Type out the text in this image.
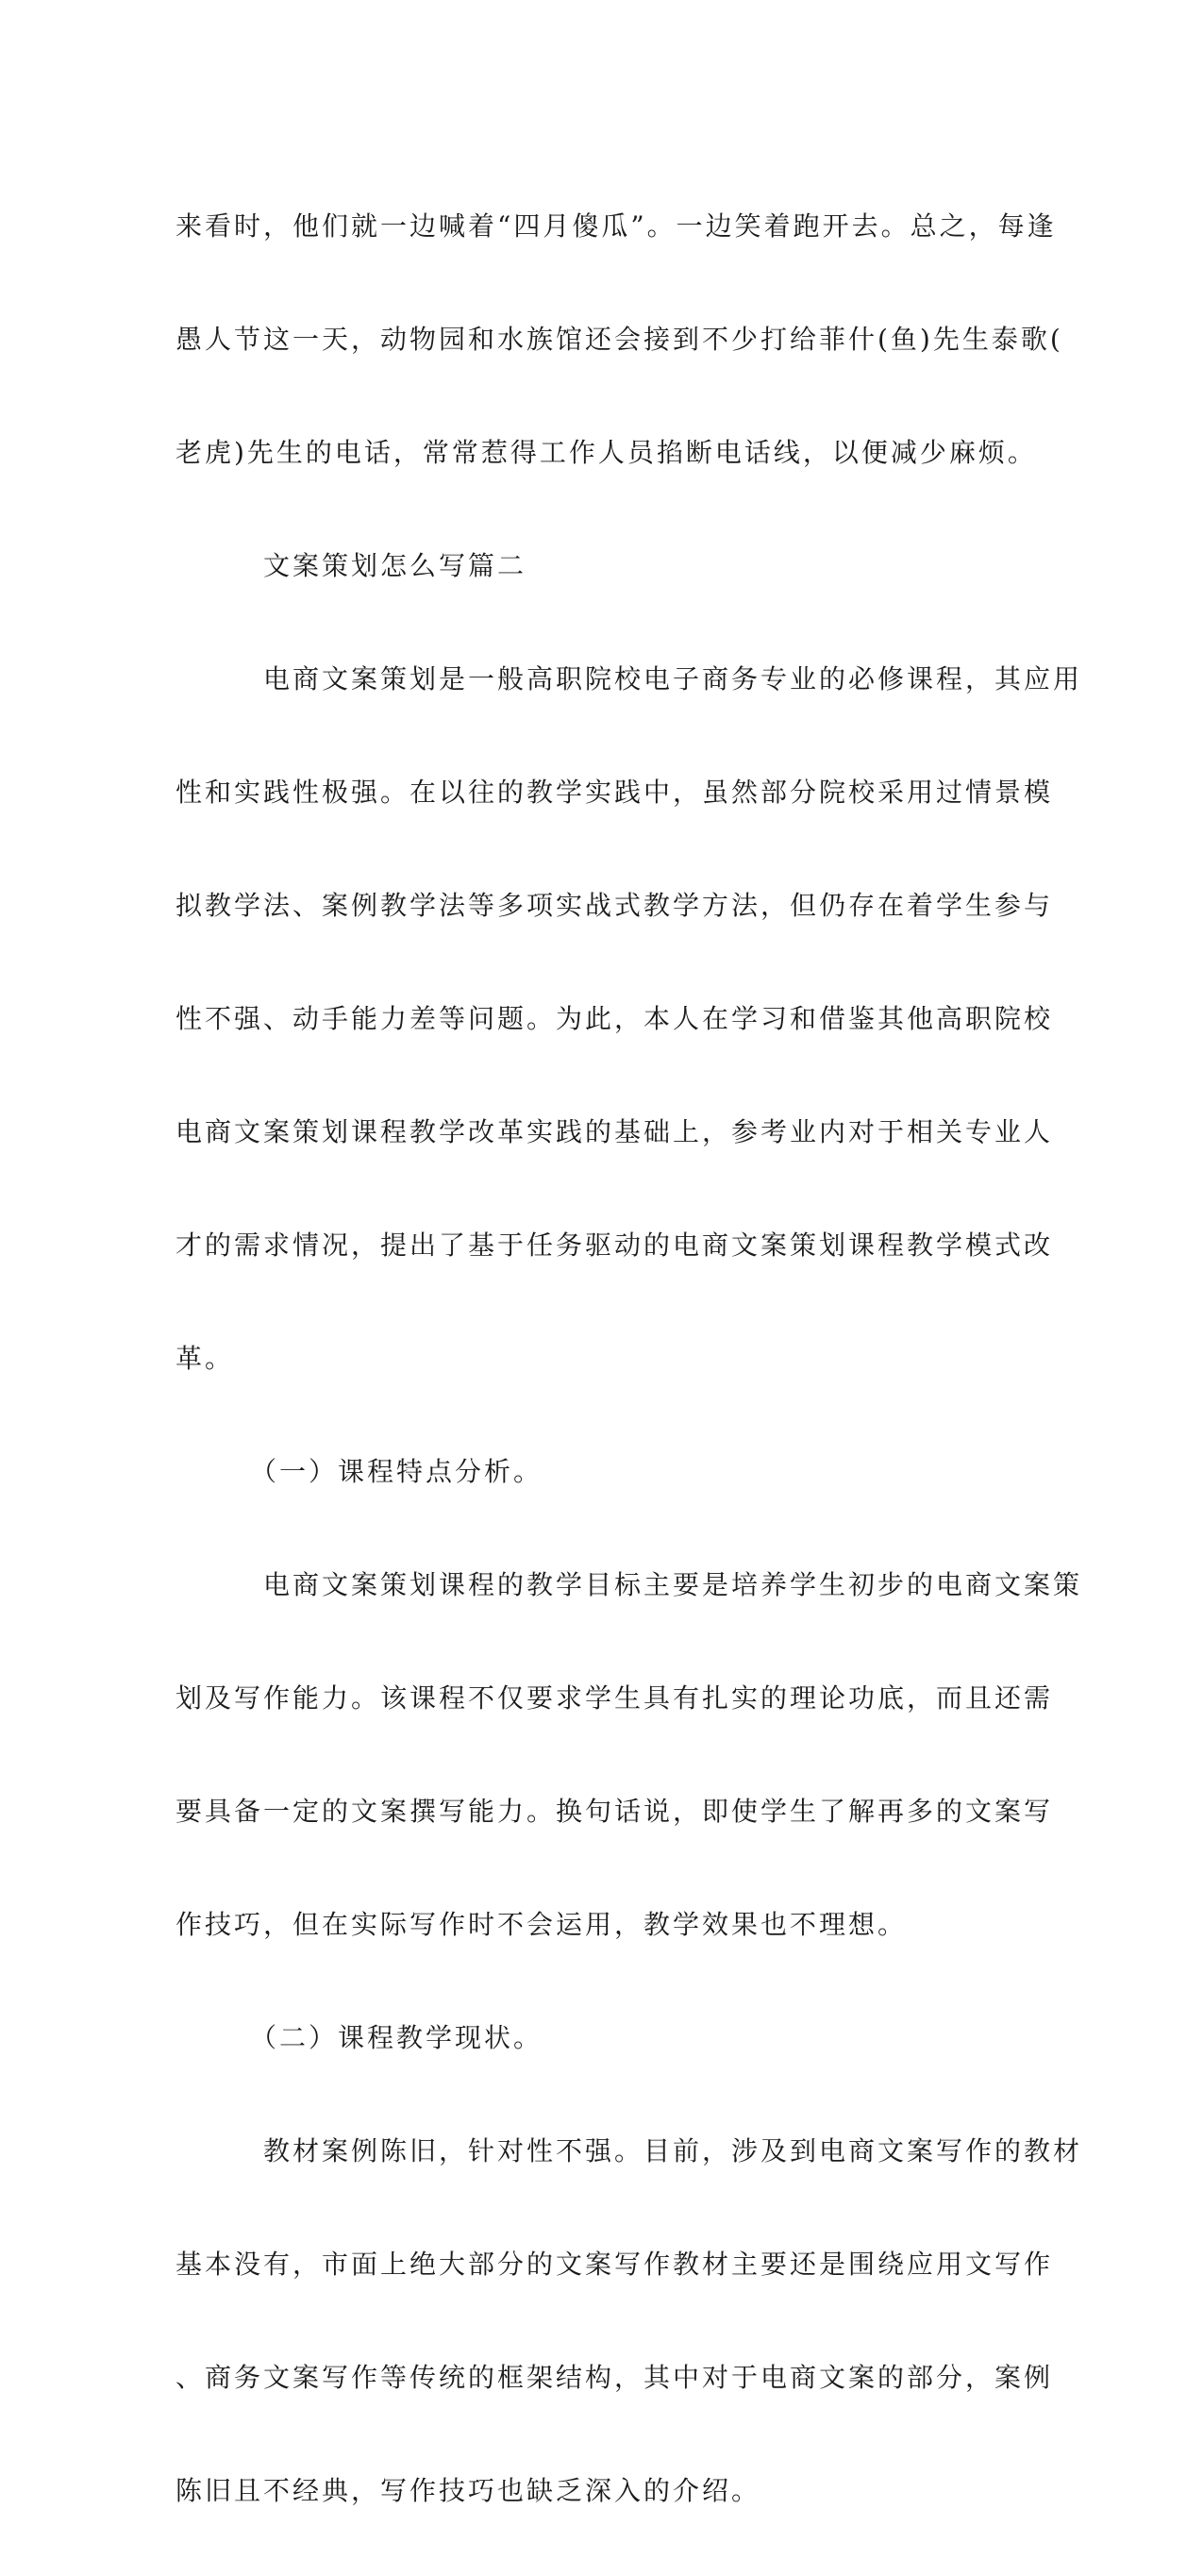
来看时，他们就一边喊着“四月傻瓜”。一边笑着跑开去。总之，每逢

愚人节这一天，动物园和水族馆还会接到不少打给菲什(鱼)先生泰歌(

老虎)先生的电话，常常惹得工作人员掐断电话线，以便减少麻烦。

　　　文案策划怎么写篇二

　　　电商文案策划是一般高职院校电子商务专业的必修课程，其应用

性和实践性极强。在以往的教学实践中，虽然部分院校采用过情景模

拟教学法、案例教学法等多项实战式教学方法，但仍存在着学生参与

性不强、动手能力差等问题。为此，本人在学习和借鉴其他高职院校

电商文案策划课程教学改革实践的基础上，参考业内对于相关专业人

才的需求情况，提出了基于任务驱动的电商文案策划课程教学模式改

革。

　　　（一）课程特点分析。

　　　电商文案策划课程的教学目标主要是培养学生初步的电商文案策

划及写作能力。该课程不仅要求学生具有扎实的理论功底，而且还需

要具备一定的文案撰写能力。换句话说，即使学生了解再多的文案写

作技巧，但在实际写作时不会运用，教学效果也不理想。

　　　（二）课程教学现状。

　　　教材案例陈旧，针对性不强。目前，涉及到电商文案写作的教材

基本没有，市面上绝大部分的文案写作教材主要还是围绕应用文写作

、商务文案写作等传统的框架结构，其中对于电商文案的部分，案例

陈旧且不经典，写作技巧也缺乏深入的介绍。
